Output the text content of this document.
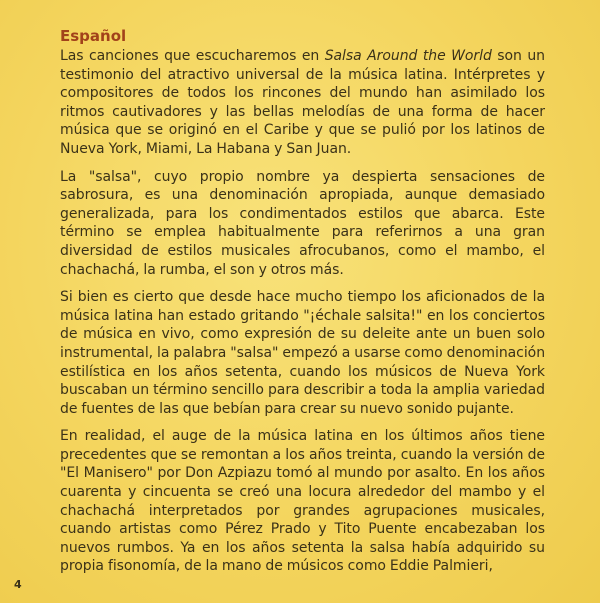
Español

Las canciones que escucharemos en Salsa Around the World son un testimonio del atractivo universal de la música latina. Intérpretes y compositores de todos los rincones del mundo han asimilado los ritmos cautivadores y las bellas melodías de una forma de hacer música que se originó en el Caribe y que se pulió por los latinos de Nueva York, Miami, La Habana y San Juan.

La "salsa", cuyo propio nombre ya despierta sensaciones de sabrosura, es una denominación apropiada, aunque demasiado generalizada, para los condimentados estilos que abarca. Este término se emplea habitualmente para referirnos a una gran diversidad de estilos musicales afrocubanos, como el mambo, el chachachá, la rumba, el son y otros más.

Si bien es cierto que desde hace mucho tiempo los aficionados de la música latina han estado gritando "¡échale salsita!" en los conciertos de música en vivo, como expresión de su deleite ante un buen solo instrumental, la palabra "salsa" empezó a usarse como denominación estilística en los años setenta, cuando los músicos de Nueva York buscaban un término sencillo para describir a toda la amplia variedad de fuentes de las que bebían para crear su nuevo sonido pujante.

En realidad, el auge de la música latina en los últimos años tiene precedentes que se remontan a los años treinta, cuando la versión de "El Manisero" por Don Azpiazu tomó al mundo por asalto. En los años cuarenta y cincuenta se creó una locura alrededor del mambo y el chachachá interpretados por grandes agrupaciones musicales, cuando artistas como Pérez Prado y Tito Puente encabezaban los nuevos rumbos. Ya en los años setenta la salsa había adquirido su propia fisonomía, de la mano de músicos como Eddie Palmieri,

4
